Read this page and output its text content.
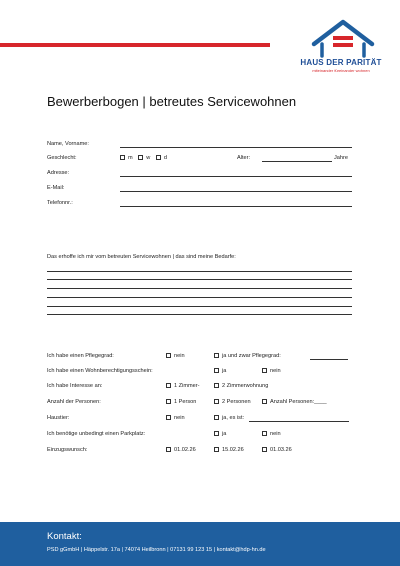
HAUS DER PARITÄT
miteinander füreinander wohnen
Bewerberbogen | betreutes Servicewohnen
Name, Vorname:
Geschlecht:	m w d	Alter:	Jahre
Adresse:
E-Mail:
Telefonnr.:
Das erhoffe ich mir vom betreuten Servicewohnen | das sind meine Bedarfe:
Ich habe einen Pflegegrad:	nein	ja und zwar Pflegegrad:
Ich habe einen Wohnberechtigungsschein:	ja	nein
Ich habe Interesse an:	1 Zimmer-	2 Zimmerwohnung
Anzahl der Personen:	1 Person	2 Personen	Anzahl Personen:____
Haustier:	nein	ja, es ist:
Ich benötige unbedingt einen Parkplatz:	ja	nein
Einzugswunsch:	01.02.26	15.02.26	01.03.26
Kontakt:
PSD gGmbH | Häppelstr. 17a | 74074 Heilbronn | 07131 99 123 15 | kontakt@hdp-hn.de
